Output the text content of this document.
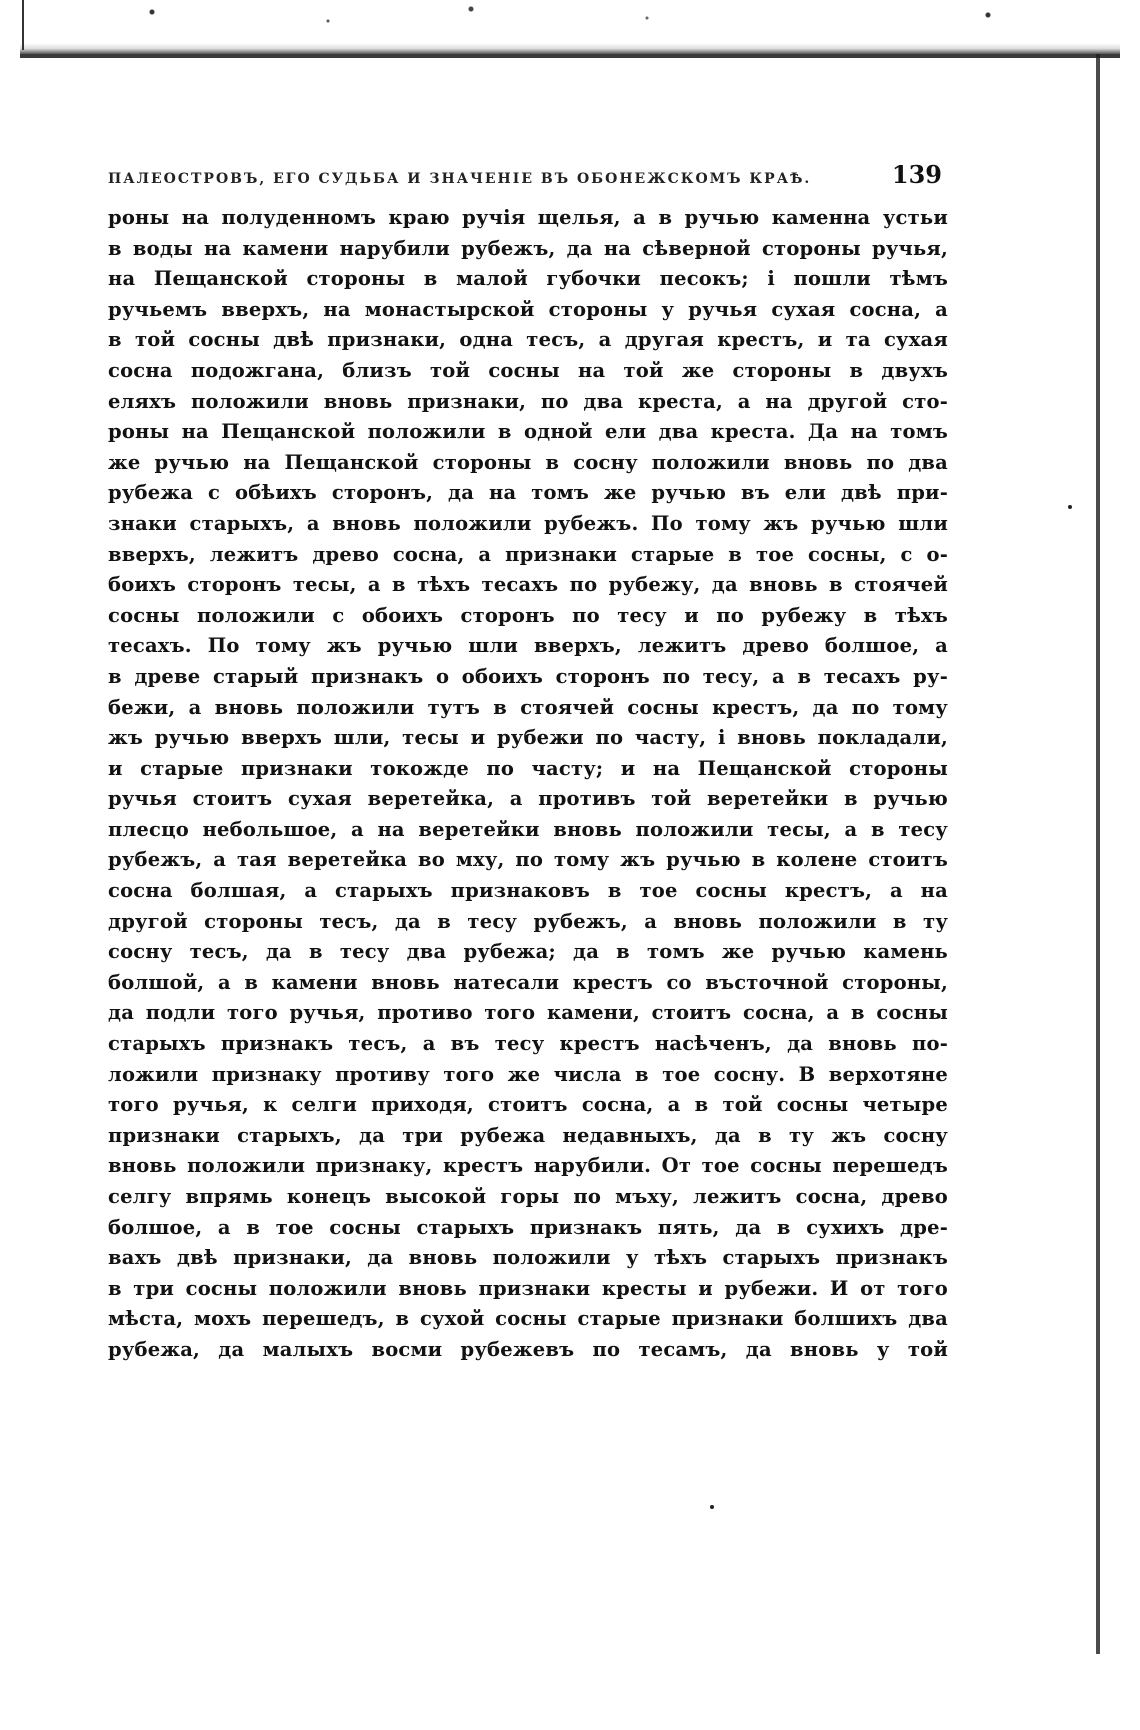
ПАЛЕОСТРОВЪ, ЕГО СУДЬБА И ЗНАЧЕНІЕ ВЪ ОБОНЕЖСКОМЪ КРАѢ.	139
роны на полуденномъ краю ручія щелья, а в ручью каменна устьи
в воды на камени нарубили рубежъ, да на сѣверной стороны ручья,
на Пещанской стороны в малой губочки песокъ; і пошли тѣмъ
ручьемъ вверхъ, на монастырской стороны у ручья сухая сосна, а
в той сосны двѣ признаки, одна тесъ, а другая крестъ, и та сухая
сосна подожгана, близъ той сосны на той же стороны в двухъ
еляхъ положили вновь признаки, по два креста, а на другой сто-
роны на Пещанской положили в одной ели два креста. Да на томъ
же ручью на Пещанской стороны в сосну положили вновь по два
рубежа с обѣихъ сторонъ, да на томъ же ручью въ ели двѣ при-
знаки старыхъ, а вновь положили рубежъ. По тому жъ ручью шли
вверхъ, лежитъ древо сосна, а признаки старые в тое сосны, с о-
боихъ сторонъ тесы, а в тѣхъ тесахъ по рубежу, да вновь в стоячей
сосны положили с обоихъ сторонъ по тесу и по рубежу в тѣхъ
тесахъ. По тому жъ ручью шли вверхъ, лежитъ древо болшое, а
в древе старый признакъ о обоихъ сторонъ по тесу, а в тесахъ ру-
бежи, а вновь положили тутъ в стоячей сосны крестъ, да по тому
жъ ручью вверхъ шли, тесы и рубежи по часту, і вновь покладали,
и старые признаки токожде по часту; и на Пещанской стороны
ручья стоитъ сухая веретейка, а противъ той веретейки в ручью
плесцо небольшое, а на веретейки вновь положили тесы, а в тесу
рубежъ, а тая веретейка во мху, по тому жъ ручью в колене стоитъ
сосна болшая, а старыхъ признаковъ в тое сосны крестъ, а на
другой стороны тесъ, да в тесу рубежъ, а вновь положили в ту
сосну тесъ, да в тесу два рубежа; да в томъ же ручью камень
болшой, а в камени вновь натесали крестъ со въсточной стороны,
да подли того ручья, противо того камени, стоитъ сосна, а в сосны
старыхъ признакъ тесъ, а въ тесу крестъ насѣченъ, да вновь по-
ложили признаку противу того же числа в тое сосну. В верхотяне
того ручья, к селги приходя, стоитъ сосна, а в той сосны четыре
признаки старыхъ, да три рубежа недавныхъ, да в ту жъ сосну
вновь положили признаку, крестъ нарубили. От тое сосны перешедъ
селгу впрямь конецъ высокой горы по мъху, лежитъ сосна, древо
болшое, а в тое сосны старыхъ признакъ пять, да в сухихъ дре-
вахъ двѣ признаки, да вновь положили у тѣхъ старыхъ признакъ
в три сосны положили вновь признаки кресты и рубежи. И от того
мѣста, мохъ перешедъ, в сухой сосны старые признаки болшихъ два
рубежа, да малыхъ восми рубежевъ по тесамъ, да вновь у той
